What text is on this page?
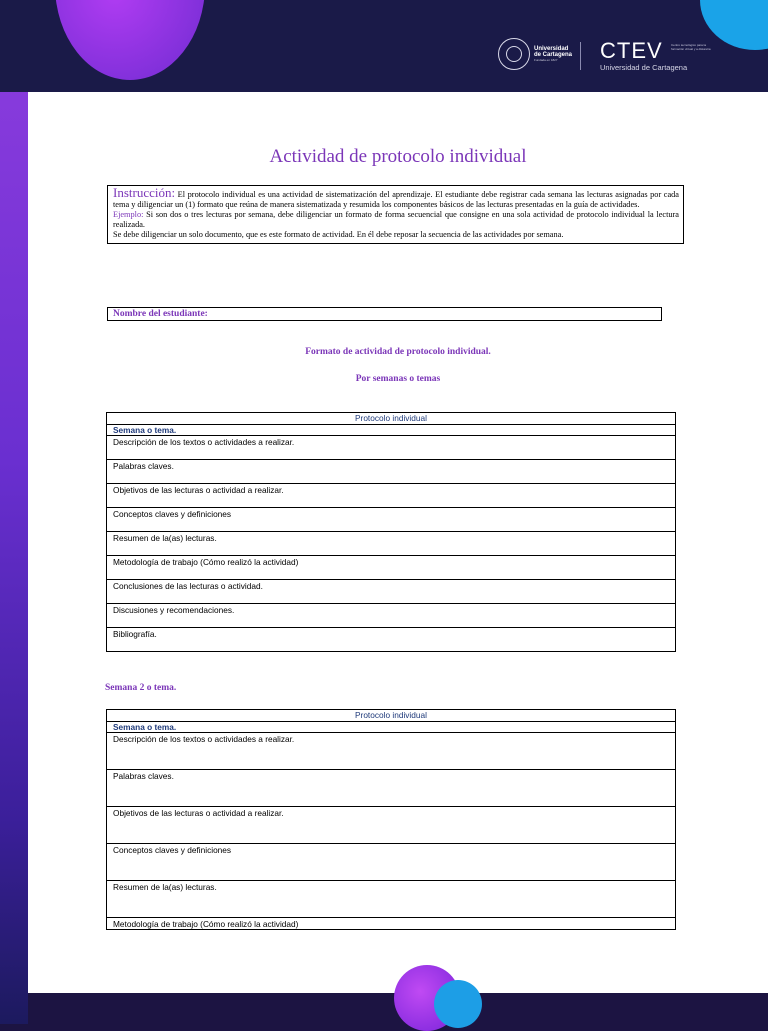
Universidad
de Cartagena
Fundada en 1827	CTEV	Centro tecnológico para la formación virtual y a distancia
Universidad de Cartagena
Actividad de protocolo individual
Instrucción: El protocolo individual es una actividad de sistematización del aprendizaje. El estudiante debe registrar cada semana las lecturas asignadas por cada tema y diligenciar un (1) formato que reúna de manera sistematizada y resumida los componentes básicos de las lecturas presentadas en la guía de actividades.
Ejemplo: Si son dos o tres lecturas por semana, debe diligenciar un formato de forma secuencial que consigne en una sola actividad de protocolo individual la lectura realizada.
Se debe diligenciar un solo documento, que es este formato de actividad. En él debe reposar la secuencia de las actividades por semana.
Nombre del estudiante:
Formato de actividad de protocolo individual.
Por semanas o temas
Protocolo individual
Semana o tema.
Descripción de los textos o actividades a realizar.
Palabras claves.
Objetivos de las lecturas o actividad a realizar.
Conceptos claves y definiciones
Resumen de la(as) lecturas.
Metodología de trabajo (Cómo realizó la actividad)
Conclusiones de las lecturas o actividad.
Discusiones y recomendaciones.
Bibliografía.
Semana 2 o tema.
Protocolo individual
Semana o tema.
Descripción de los textos o actividades a realizar.
Palabras claves.
Objetivos de las lecturas o actividad a realizar.
Conceptos claves y definiciones
Resumen de la(as) lecturas.
Metodología de trabajo (Cómo realizó la actividad)
